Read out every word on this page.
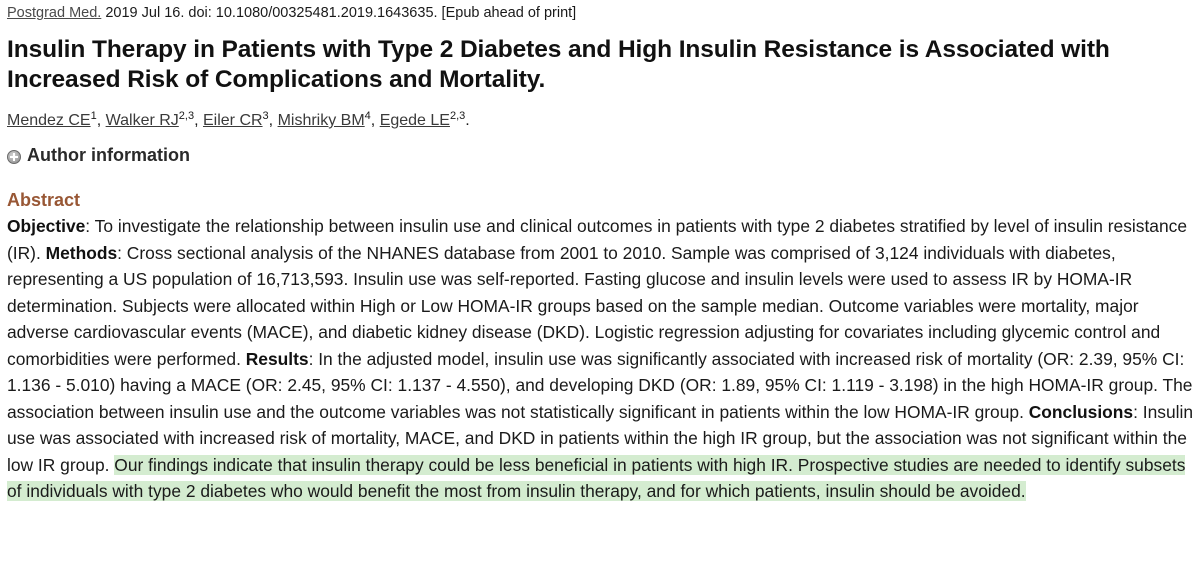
Postgrad Med. 2019 Jul 16. doi: 10.1080/00325481.2019.1643635. [Epub ahead of print]
Insulin Therapy in Patients with Type 2 Diabetes and High Insulin Resistance is Associated with Increased Risk of Complications and Mortality.
Mendez $CE^1$, Walker RJ$^{2,3}$, Eiler $CR^3$, Mishriky $BM^4$, Egede LE$^{2,3}$.
Author information
Abstract

Objective: To investigate the relationship between insulin use and clinical outcomes in patients with type 2 diabetes stratified by level of insulin resistance (IR). Methods: Cross sectional analysis of the NHANES database from 2001 to 2010. Sample was comprised of 3,124 individuals with diabetes, representing a US population of 16,713,593. Insulin use was self-reported. Fasting glucose and insulin levels were used to assess IR by HOMA-IR determination. Subjects were allocated within High or Low HOMA-IR groups based on the sample median. Outcome variables were mortality, major adverse cardiovascular events (MACE), and diabetic kidney disease (DKD). Logistic regression adjusting for covariates including glycemic control and comorbidities were performed. Results: In the adjusted model, insulin use was significantly associated with increased risk of mortality (OR: 2.39, 95% CI: 1.136 - 5.010) having a MACE (OR: 2.45, 95% CI: 1.137 - 4.550), and developing DKD (OR: 1.89, 95% CI: 1.119 - 3.198) in the high HOMA-IR group. The association between insulin use and the outcome variables was not statistically significant in patients within the low HOMA-IR group. Conclusions: Insulin use was associated with increased risk of mortality, MACE, and DKD in patients within the high IR group, but the association was not significant within the low IR group. Our findings indicate that insulin therapy could be less beneficial in patients with high IR. Prospective studies are needed to identify subsets of individuals with type 2 diabetes who would benefit the most from insulin therapy, and for which patients, insulin should be avoided.
